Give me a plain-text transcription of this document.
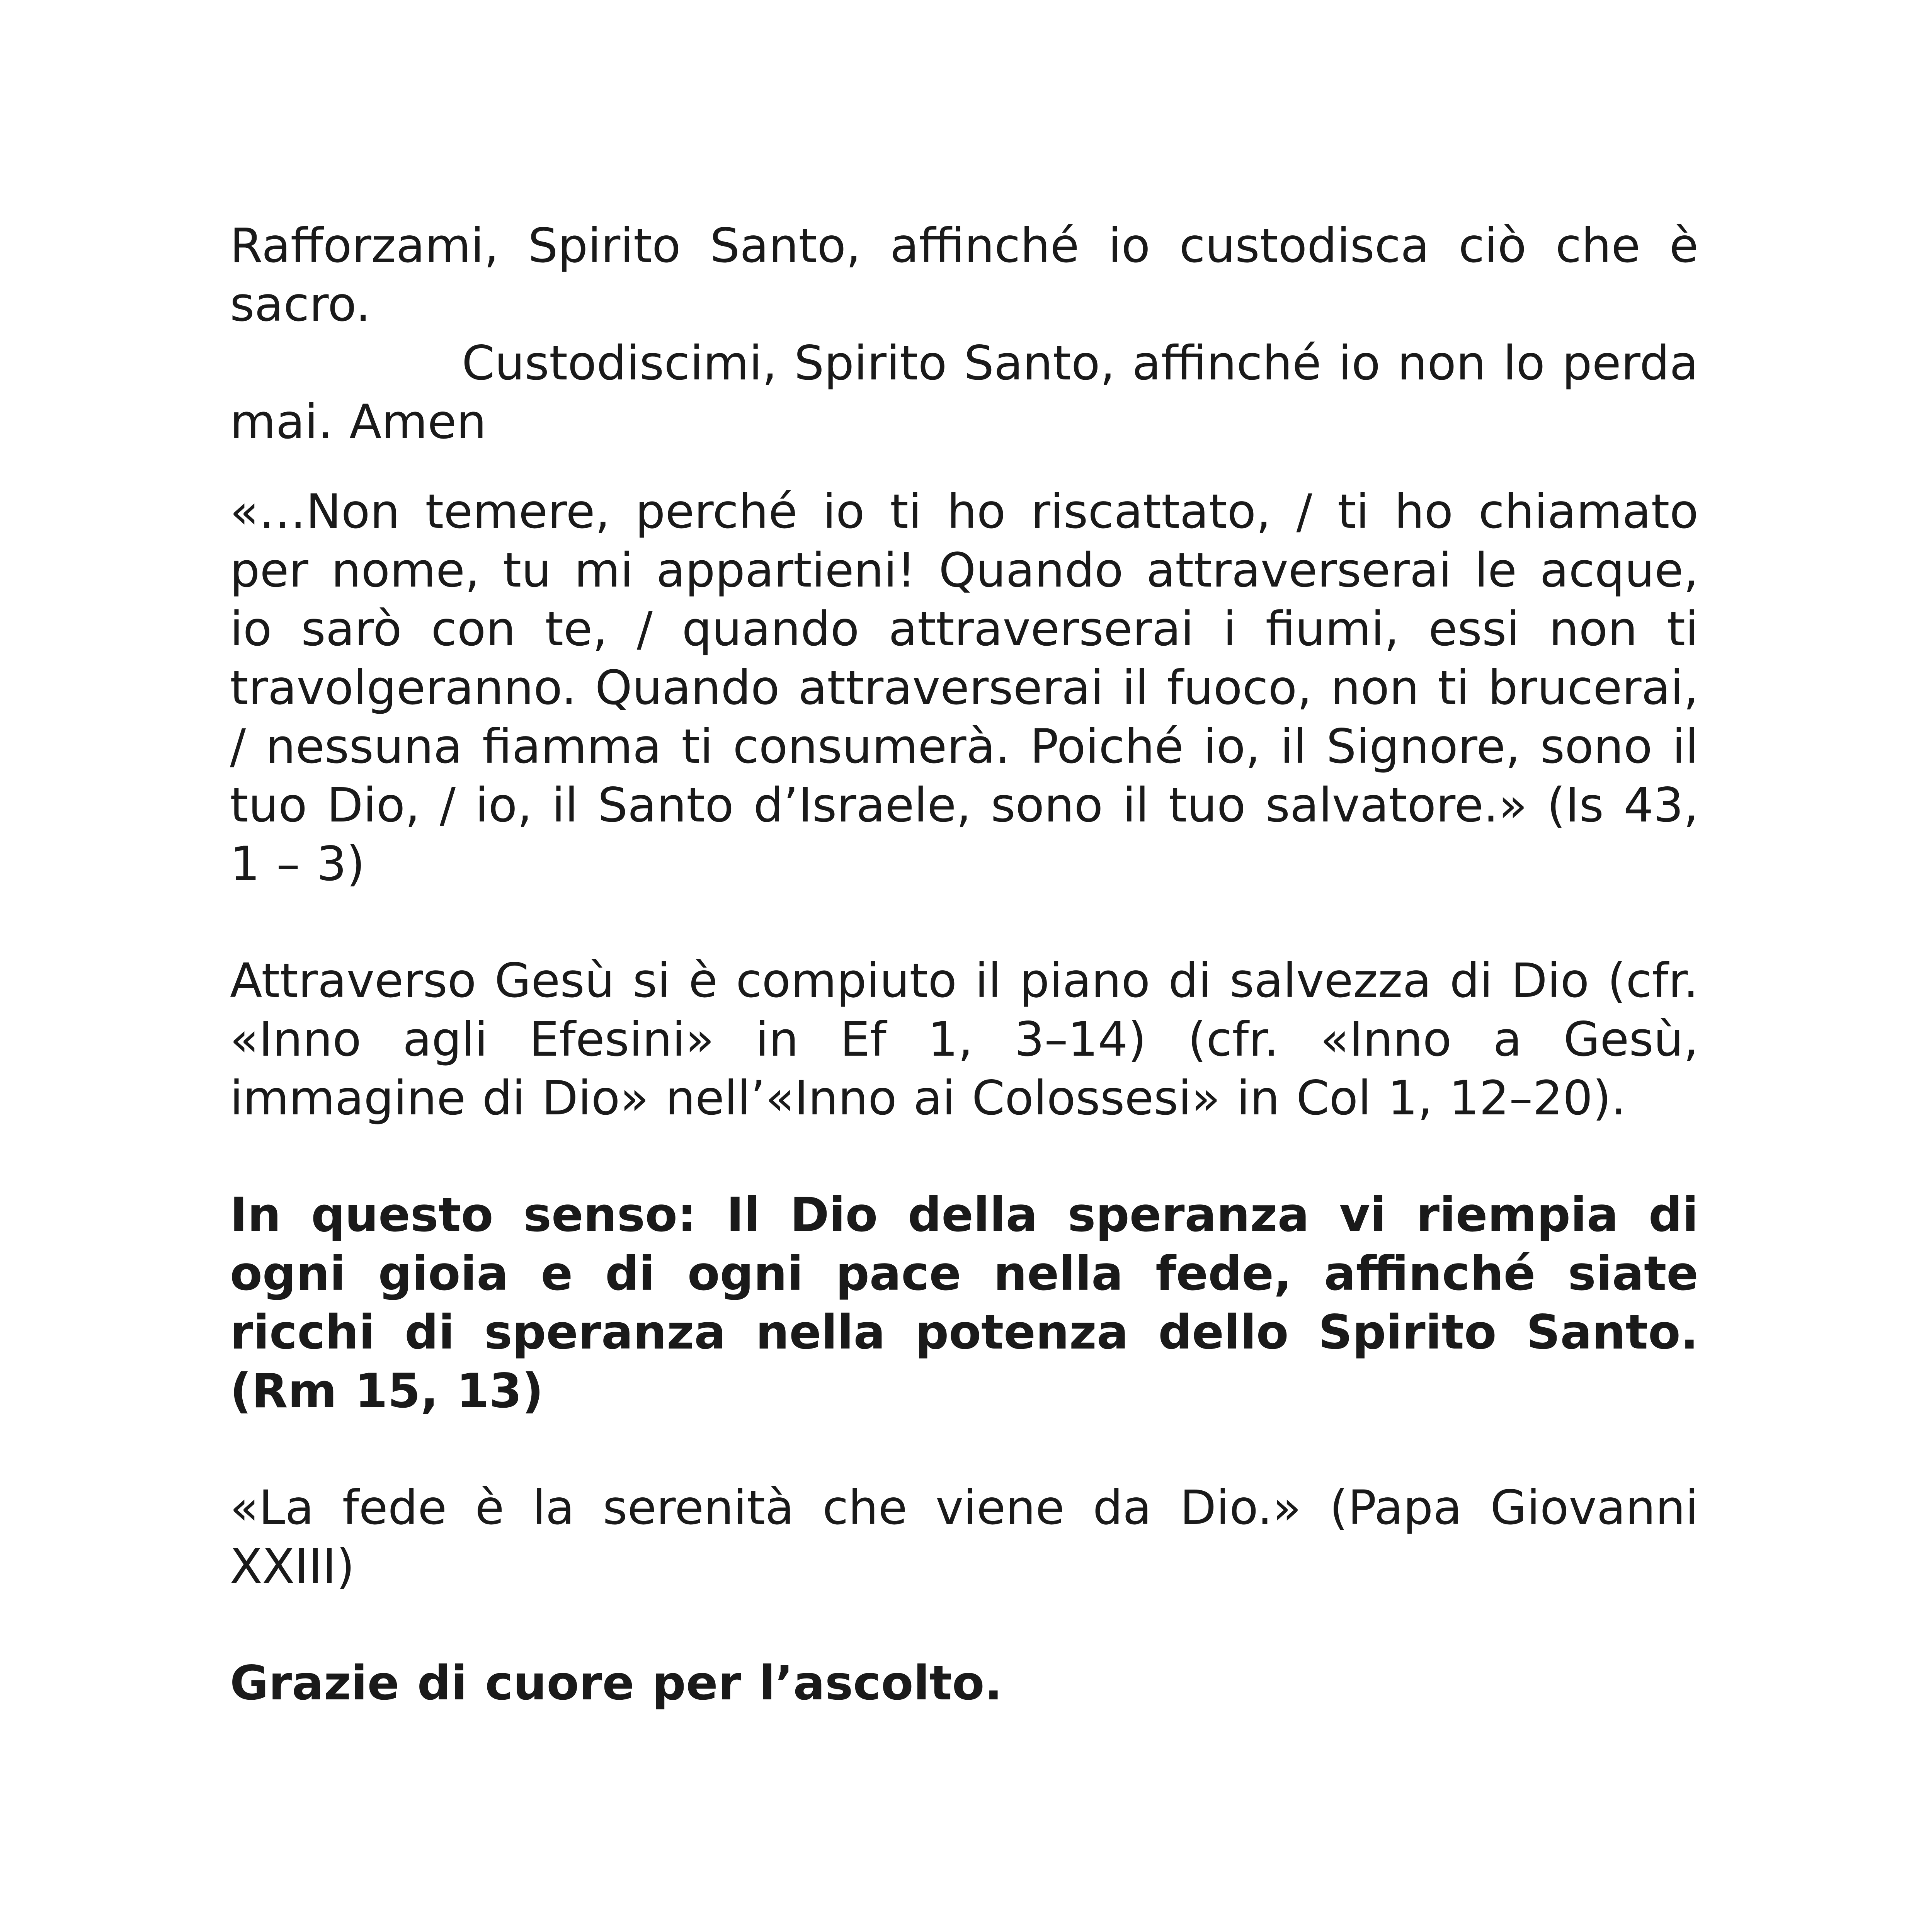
Rafforzami, Spirito Santo, affinché io custodisca ciò che è sacro.
Custodiscimi, Spirito Santo, affinché io non lo perda mai. Amen

«…Non temere, perché io ti ho riscattato, / ti ho chiamato per nome, tu mi appartieni! Quando attraverserai le acque, io sarò con te, / quando attraverserai i fiumi, essi non ti travolgeranno. Quando attraverserai il fuoco, non ti brucerai, / nessuna fiamma ti consumerà. Poiché io, il Signore, sono il tuo Dio, / io, il Santo d’Israele, sono il tuo salvatore.» (Is 43, 1 – 3)

Attraverso Gesù si è compiuto il piano di salvezza di Dio (cfr. «Inno agli Efesini» in Ef 1, 3–14) (cfr. «Inno a Gesù, immagine di Dio» nell’«Inno ai Colossesi» in Col 1, 12–20).

In questo senso: Il Dio della speranza vi riempia di ogni gioia e di ogni pace nella fede, affinché siate ricchi di speranza nella potenza dello Spirito Santo. (Rm 15, 13)

«La fede è la serenità che viene da Dio.» (Papa Giovanni XXIII)

Grazie di cuore per l’ascolto.
